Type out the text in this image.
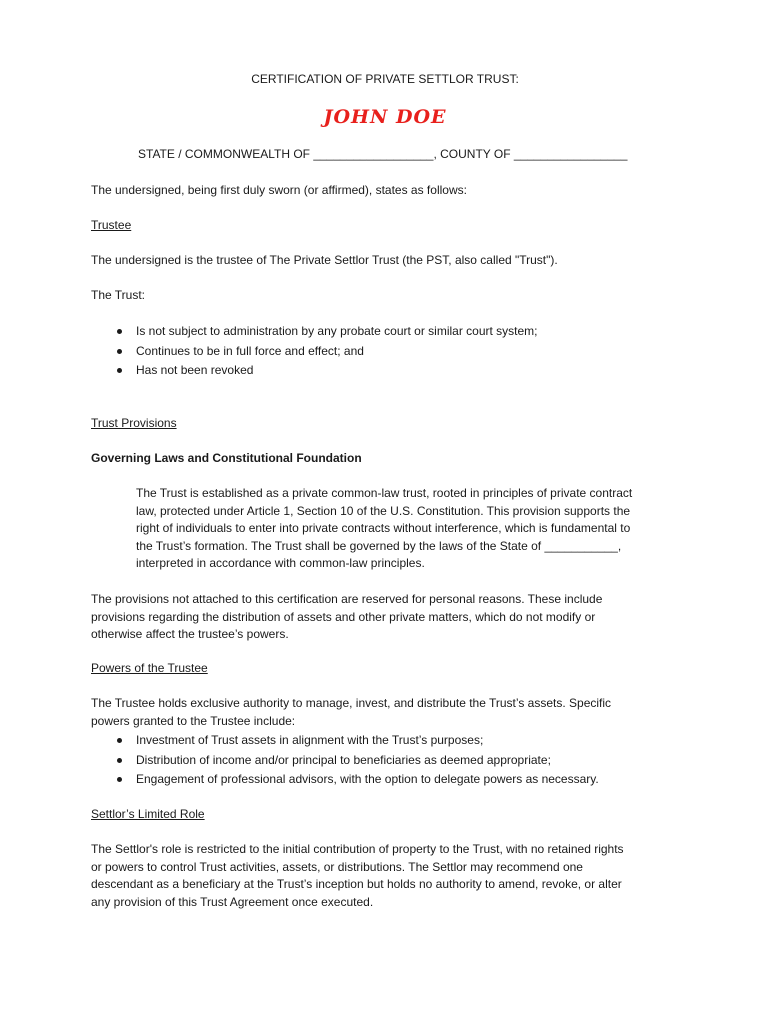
CERTIFICATION OF PRIVATE SETTLOR TRUST:
JOHN DOE
STATE / COMMONWEALTH OF __________________, COUNTY OF _________________
The undersigned, being first duly sworn (or affirmed), states as follows:
Trustee
The undersigned is the trustee of The Private Settlor Trust (the PST, also called "Trust").
The Trust:
Is not subject to administration by any probate court or similar court system;
Continues to be in full force and effect; and
Has not been revoked
Trust Provisions
Governing Laws and Constitutional Foundation
The Trust is established as a private common-law trust, rooted in principles of private contract
law, protected under Article 1, Section 10 of the U.S. Constitution. This provision supports the
right of individuals to enter into private contracts without interference, which is fundamental to
the Trust’s formation. The Trust shall be governed by the laws of the State of ___________,
interpreted in accordance with common-law principles.
The provisions not attached to this certification are reserved for personal reasons. These include
provisions regarding the distribution of assets and other private matters, which do not modify or
otherwise affect the trustee’s powers.
Powers of the Trustee
The Trustee holds exclusive authority to manage, invest, and distribute the Trust’s assets. Specific
powers granted to the Trustee include:
Investment of Trust assets in alignment with the Trust’s purposes;
Distribution of income and/or principal to beneficiaries as deemed appropriate;
Engagement of professional advisors, with the option to delegate powers as necessary.
Settlor’s Limited Role
The Settlor's role is restricted to the initial contribution of property to the Trust, with no retained rights
or powers to control Trust activities, assets, or distributions. The Settlor may recommend one
descendant as a beneficiary at the Trust’s inception but holds no authority to amend, revoke, or alter
any provision of this Trust Agreement once executed.
